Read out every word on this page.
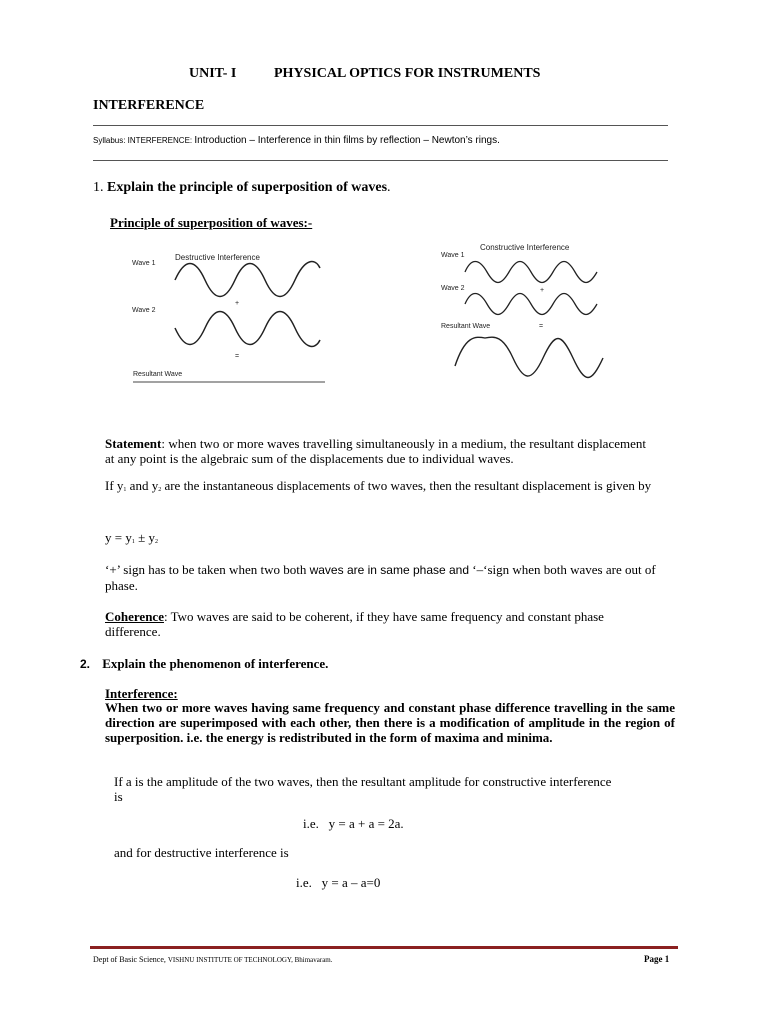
UNIT- I	PHYSICAL OPTICS FOR INSTRUMENTS
INTERFERENCE
Syllabus: INTERFERENCE: Introduction – Interference in thin films by reflection – Newton’s rings.
1. Explain the principle of superposition of waves.
Principle of superposition of waves:-
Destructive Interference
Wave 1
+
Wave 2
=
Resultant Wave
Constructive Interference
Wave 1
+
Wave 2
=
Resultant Wave
Statement: when two or more waves travelling simultaneously in a medium, the resultant displacement at any point is the algebraic sum of the displacements due to individual waves.
If $y_1$ and $y_2$ are the instantaneous displacements of two waves, then the resultant displacement is given by
$y = y_1 \pm y_2$
‘+’ sign has to be taken when two both waves are in same phase and ‘–‘sign when both waves are out of phase.
Coherence: Two waves are said to be coherent, if they have same frequency and constant phase difference.
2. Explain the phenomenon of interference.
Interference:
When two or more waves having same frequency and constant phase difference travelling in the same direction are superimposed with each other, then there is a modification of amplitude in the region of superposition. i.e. the energy is redistributed in the form of maxima and minima.
If a is the amplitude of the two waves, then the resultant amplitude for constructive interference is
i.e.   y = a + a = 2a.
and for destructive interference is
i.e.   y = a – a=0
Dept of Basic Science, VISHNU INSTITUTE OF TECHNOLOGY, Bhimavaram.	Page 1
